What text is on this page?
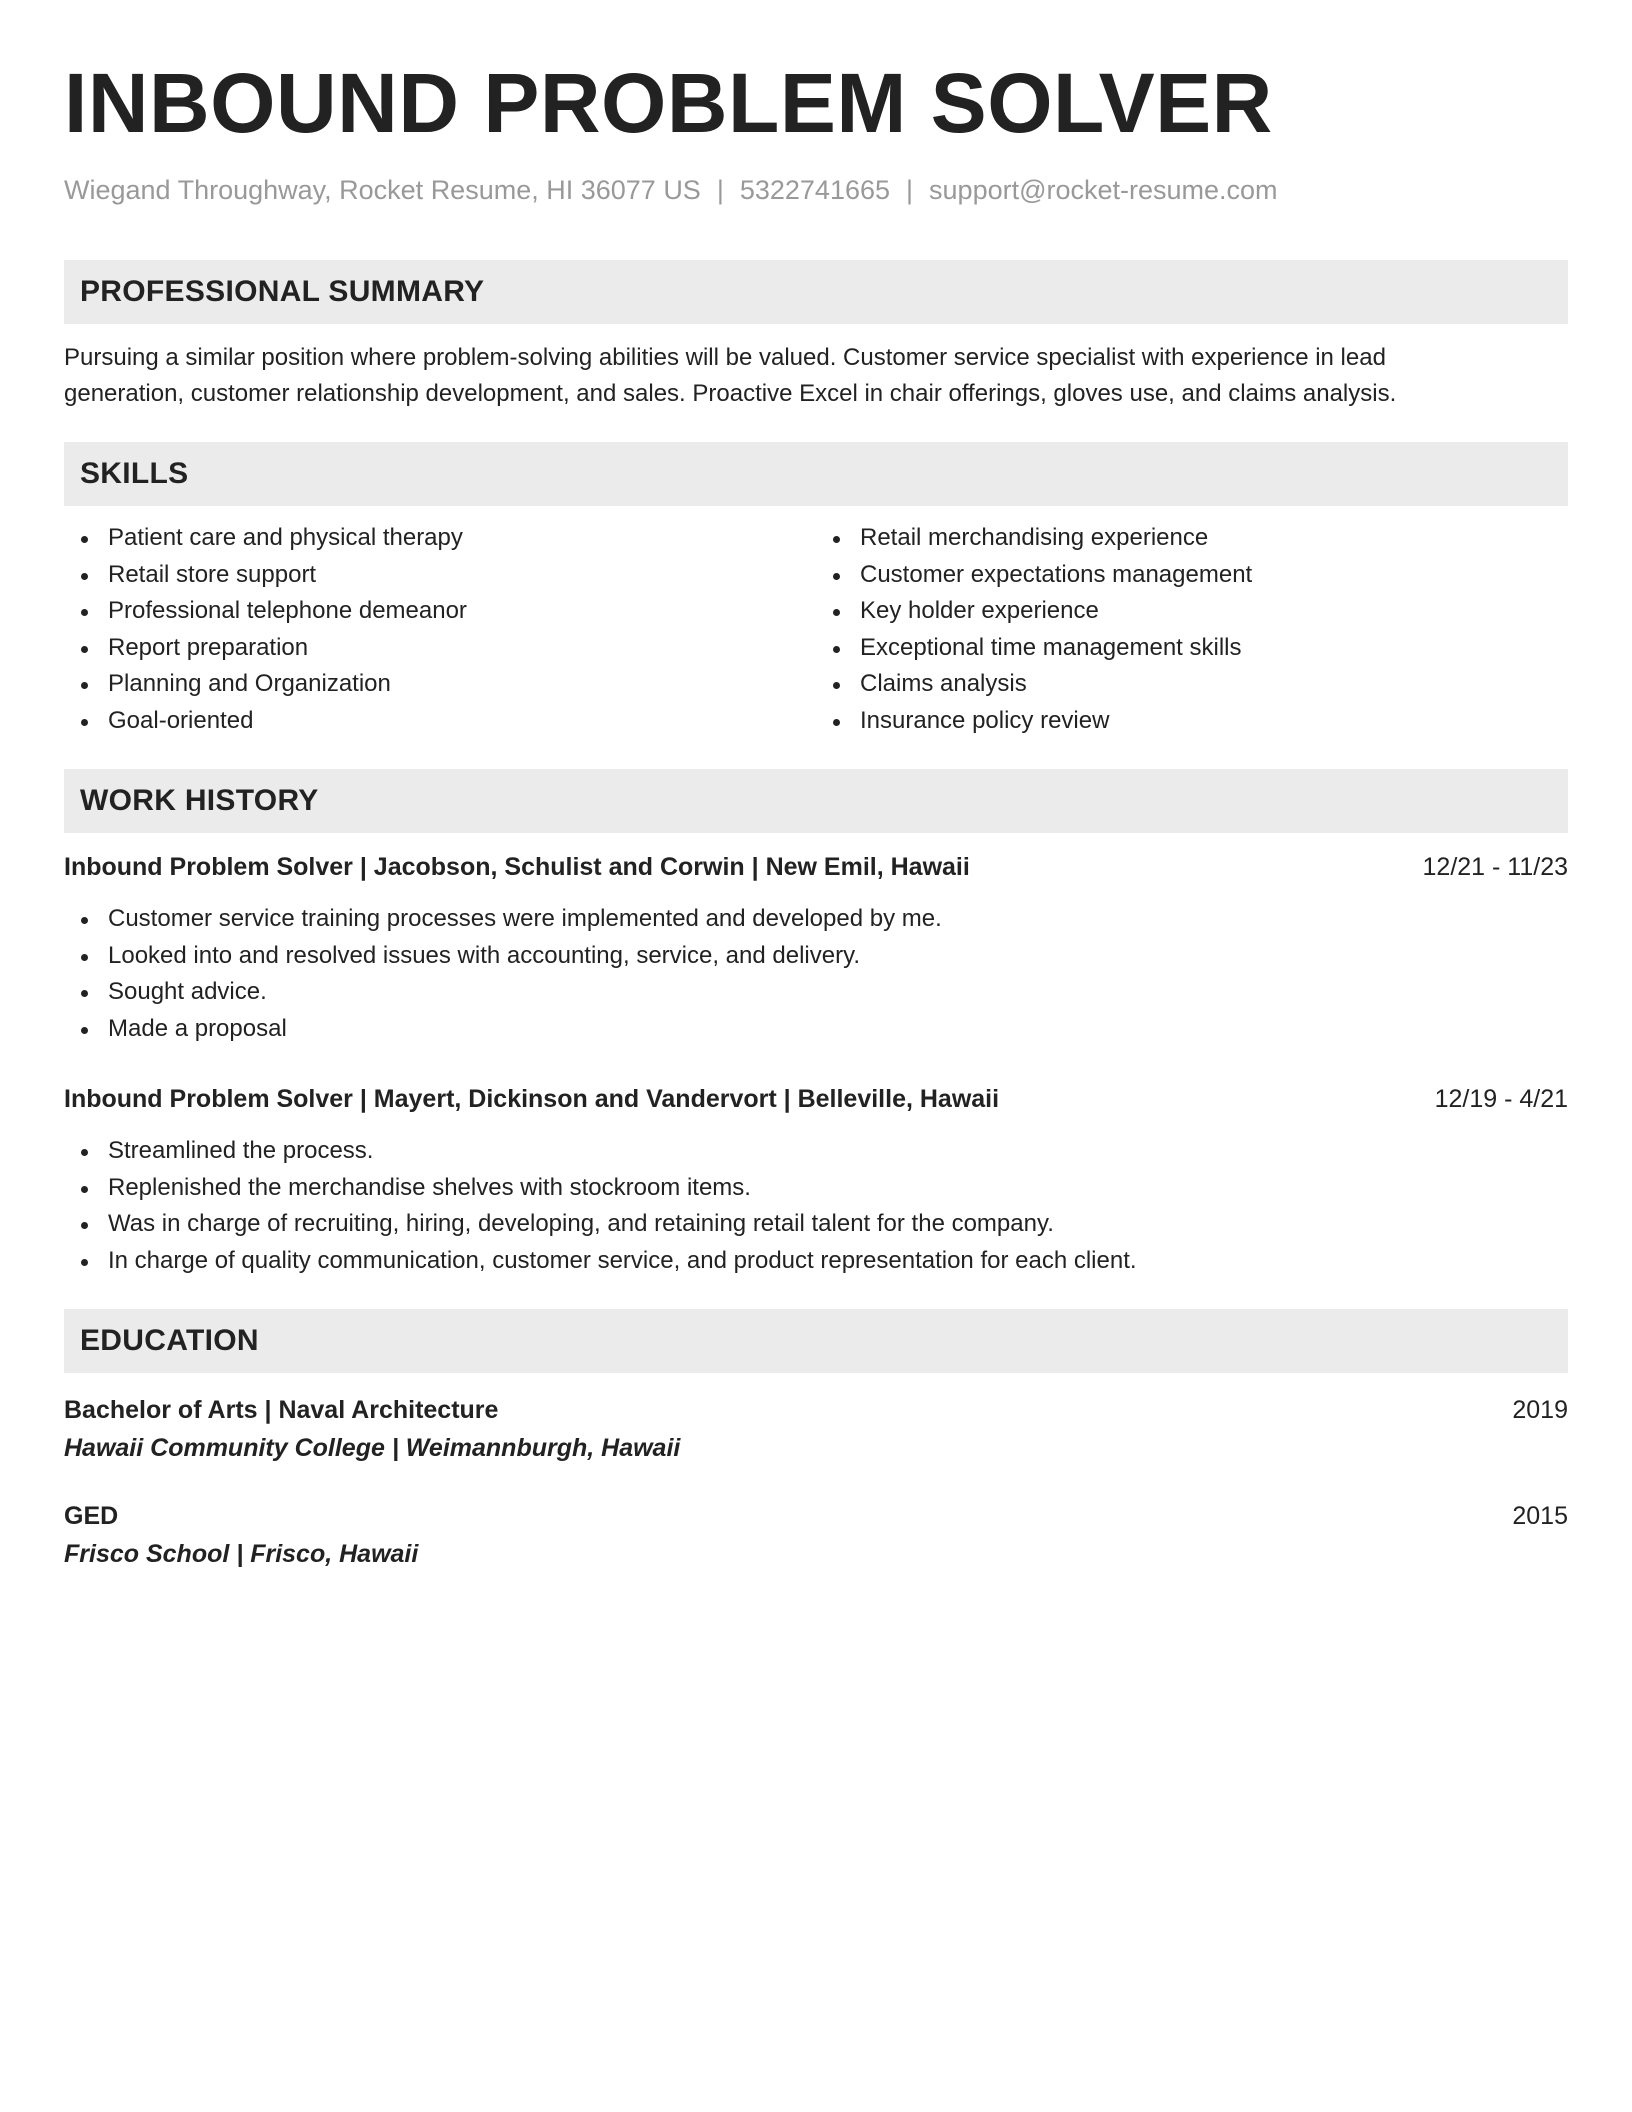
INBOUND PROBLEM SOLVER
Wiegand Throughway, Rocket Resume, HI 36077 US | 5322741665 | support@rocket-resume.com
PROFESSIONAL SUMMARY
Pursuing a similar position where problem-solving abilities will be valued. Customer service specialist with experience in lead generation, customer relationship development, and sales. Proactive Excel in chair offerings, gloves use, and claims analysis.
SKILLS
Patient care and physical therapy
Retail store support
Professional telephone demeanor
Report preparation
Planning and Organization
Goal-oriented
Retail merchandising experience
Customer expectations management
Key holder experience
Exceptional time management skills
Claims analysis
Insurance policy review
WORK HISTORY
Inbound Problem Solver | Jacobson, Schulist and Corwin | New Emil, Hawaii	12/21 - 11/23
Customer service training processes were implemented and developed by me.
Looked into and resolved issues with accounting, service, and delivery.
Sought advice.
Made a proposal
Inbound Problem Solver | Mayert, Dickinson and Vandervort | Belleville, Hawaii	12/19 - 4/21
Streamlined the process.
Replenished the merchandise shelves with stockroom items.
Was in charge of recruiting, hiring, developing, and retaining retail talent for the company.
In charge of quality communication, customer service, and product representation for each client.
EDUCATION
Bachelor of Arts | Naval Architecture	2019
Hawaii Community College | Weimannburgh, Hawaii
GED	2015
Frisco School | Frisco, Hawaii
